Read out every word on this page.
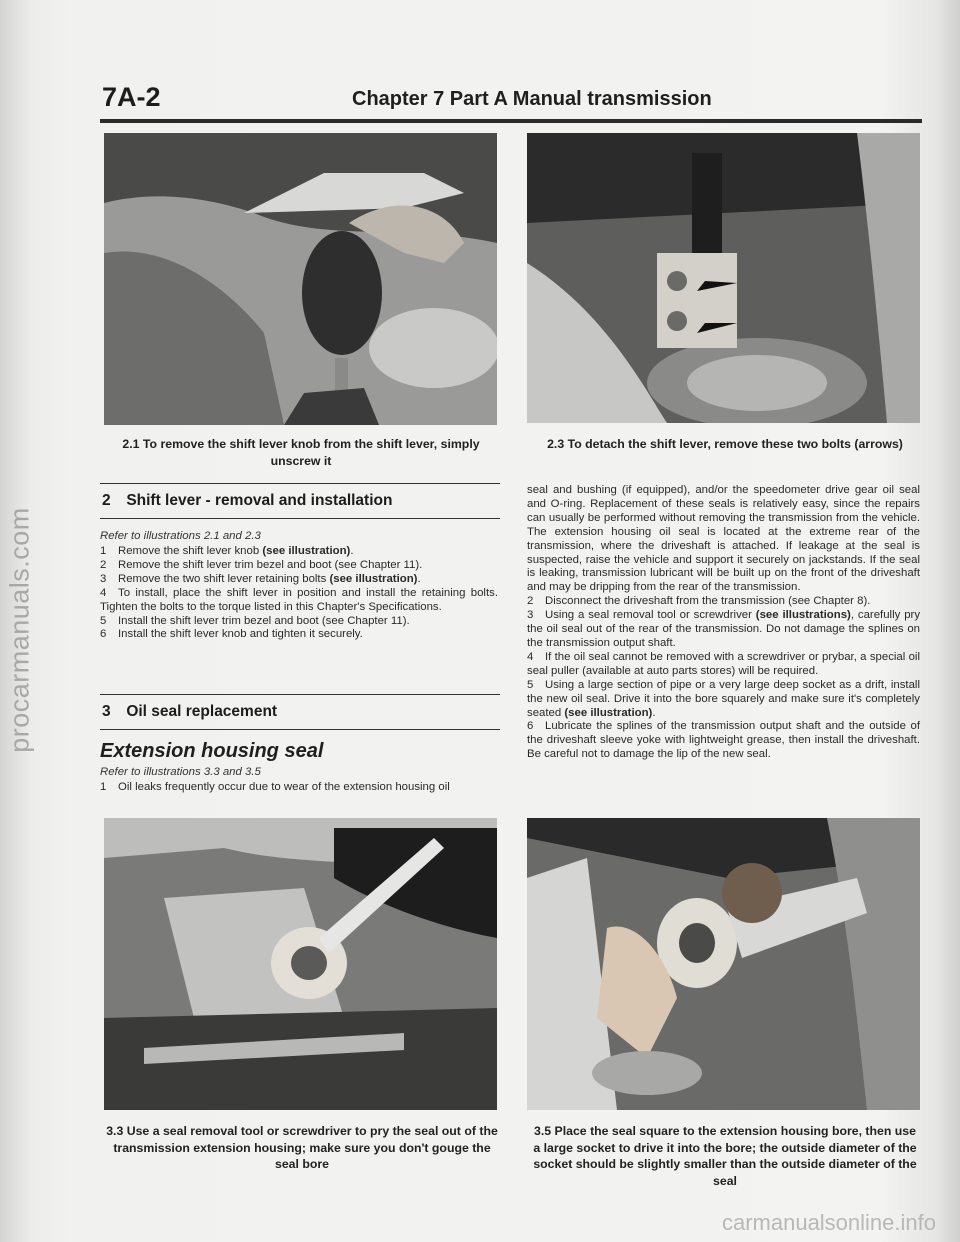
procarmanuals.com
7A-2	Chapter 7 Part A Manual transmission
2.1 To remove the shift lever knob from the shift lever, simply unscrew it
2.3 To detach the shift lever, remove these two bolts (arrows)
2 Shift lever - removal and installation
Refer to illustrations 2.1 and 2.3

1 Remove the shift lever knob (see illustration).

2 Remove the shift lever trim bezel and boot (see Chapter 11).

3 Remove the two shift lever retaining bolts (see illustration).

4 To install, place the shift lever in position and install the retaining bolts. Tighten the bolts to the torque listed in this Chapter's Specifications.

5 Install the shift lever trim bezel and boot (see Chapter 11).

6 Install the shift lever knob and tighten it securely.

3 Oil seal replacement
Extension housing seal
Refer to illustrations 3.3 and 3.5

1 Oil leaks frequently occur due to wear of the extension housing oil

seal and bushing (if equipped), and/or the speedometer drive gear oil seal and O-ring. Replacement of these seals is relatively easy, since the repairs can usually be performed without removing the transmission from the vehicle. The extension housing oil seal is located at the extreme rear of the transmission, where the driveshaft is attached. If leakage at the seal is suspected, raise the vehicle and support it securely on jackstands. If the seal is leaking, transmission lubricant will be built up on the front of the driveshaft and may be dripping from the rear of the transmission.

2 Disconnect the driveshaft from the transmission (see Chapter 8).

3 Using a seal removal tool or screwdriver (see illustrations), carefully pry the oil seal out of the rear of the transmission. Do not damage the splines on the transmission output shaft.

4 If the oil seal cannot be removed with a screwdriver or prybar, a special oil seal puller (available at auto parts stores) will be required.

5 Using a large section of pipe or a very large deep socket as a drift, install the new oil seal. Drive it into the bore squarely and make sure it's completely seated (see illustration).

6 Lubricate the splines of the transmission output shaft and the outside of the driveshaft sleeve yoke with lightweight grease, then install the driveshaft. Be careful not to damage the lip of the new seal.

3.3 Use a seal removal tool or screwdriver to pry the seal out of the transmission extension housing; make sure you don't gouge the seal bore
3.5 Place the seal square to the extension housing bore, then use a large socket to drive it into the bore; the outside diameter of the socket should be slightly smaller than the outside diameter of the seal
carmanualsonline.info
